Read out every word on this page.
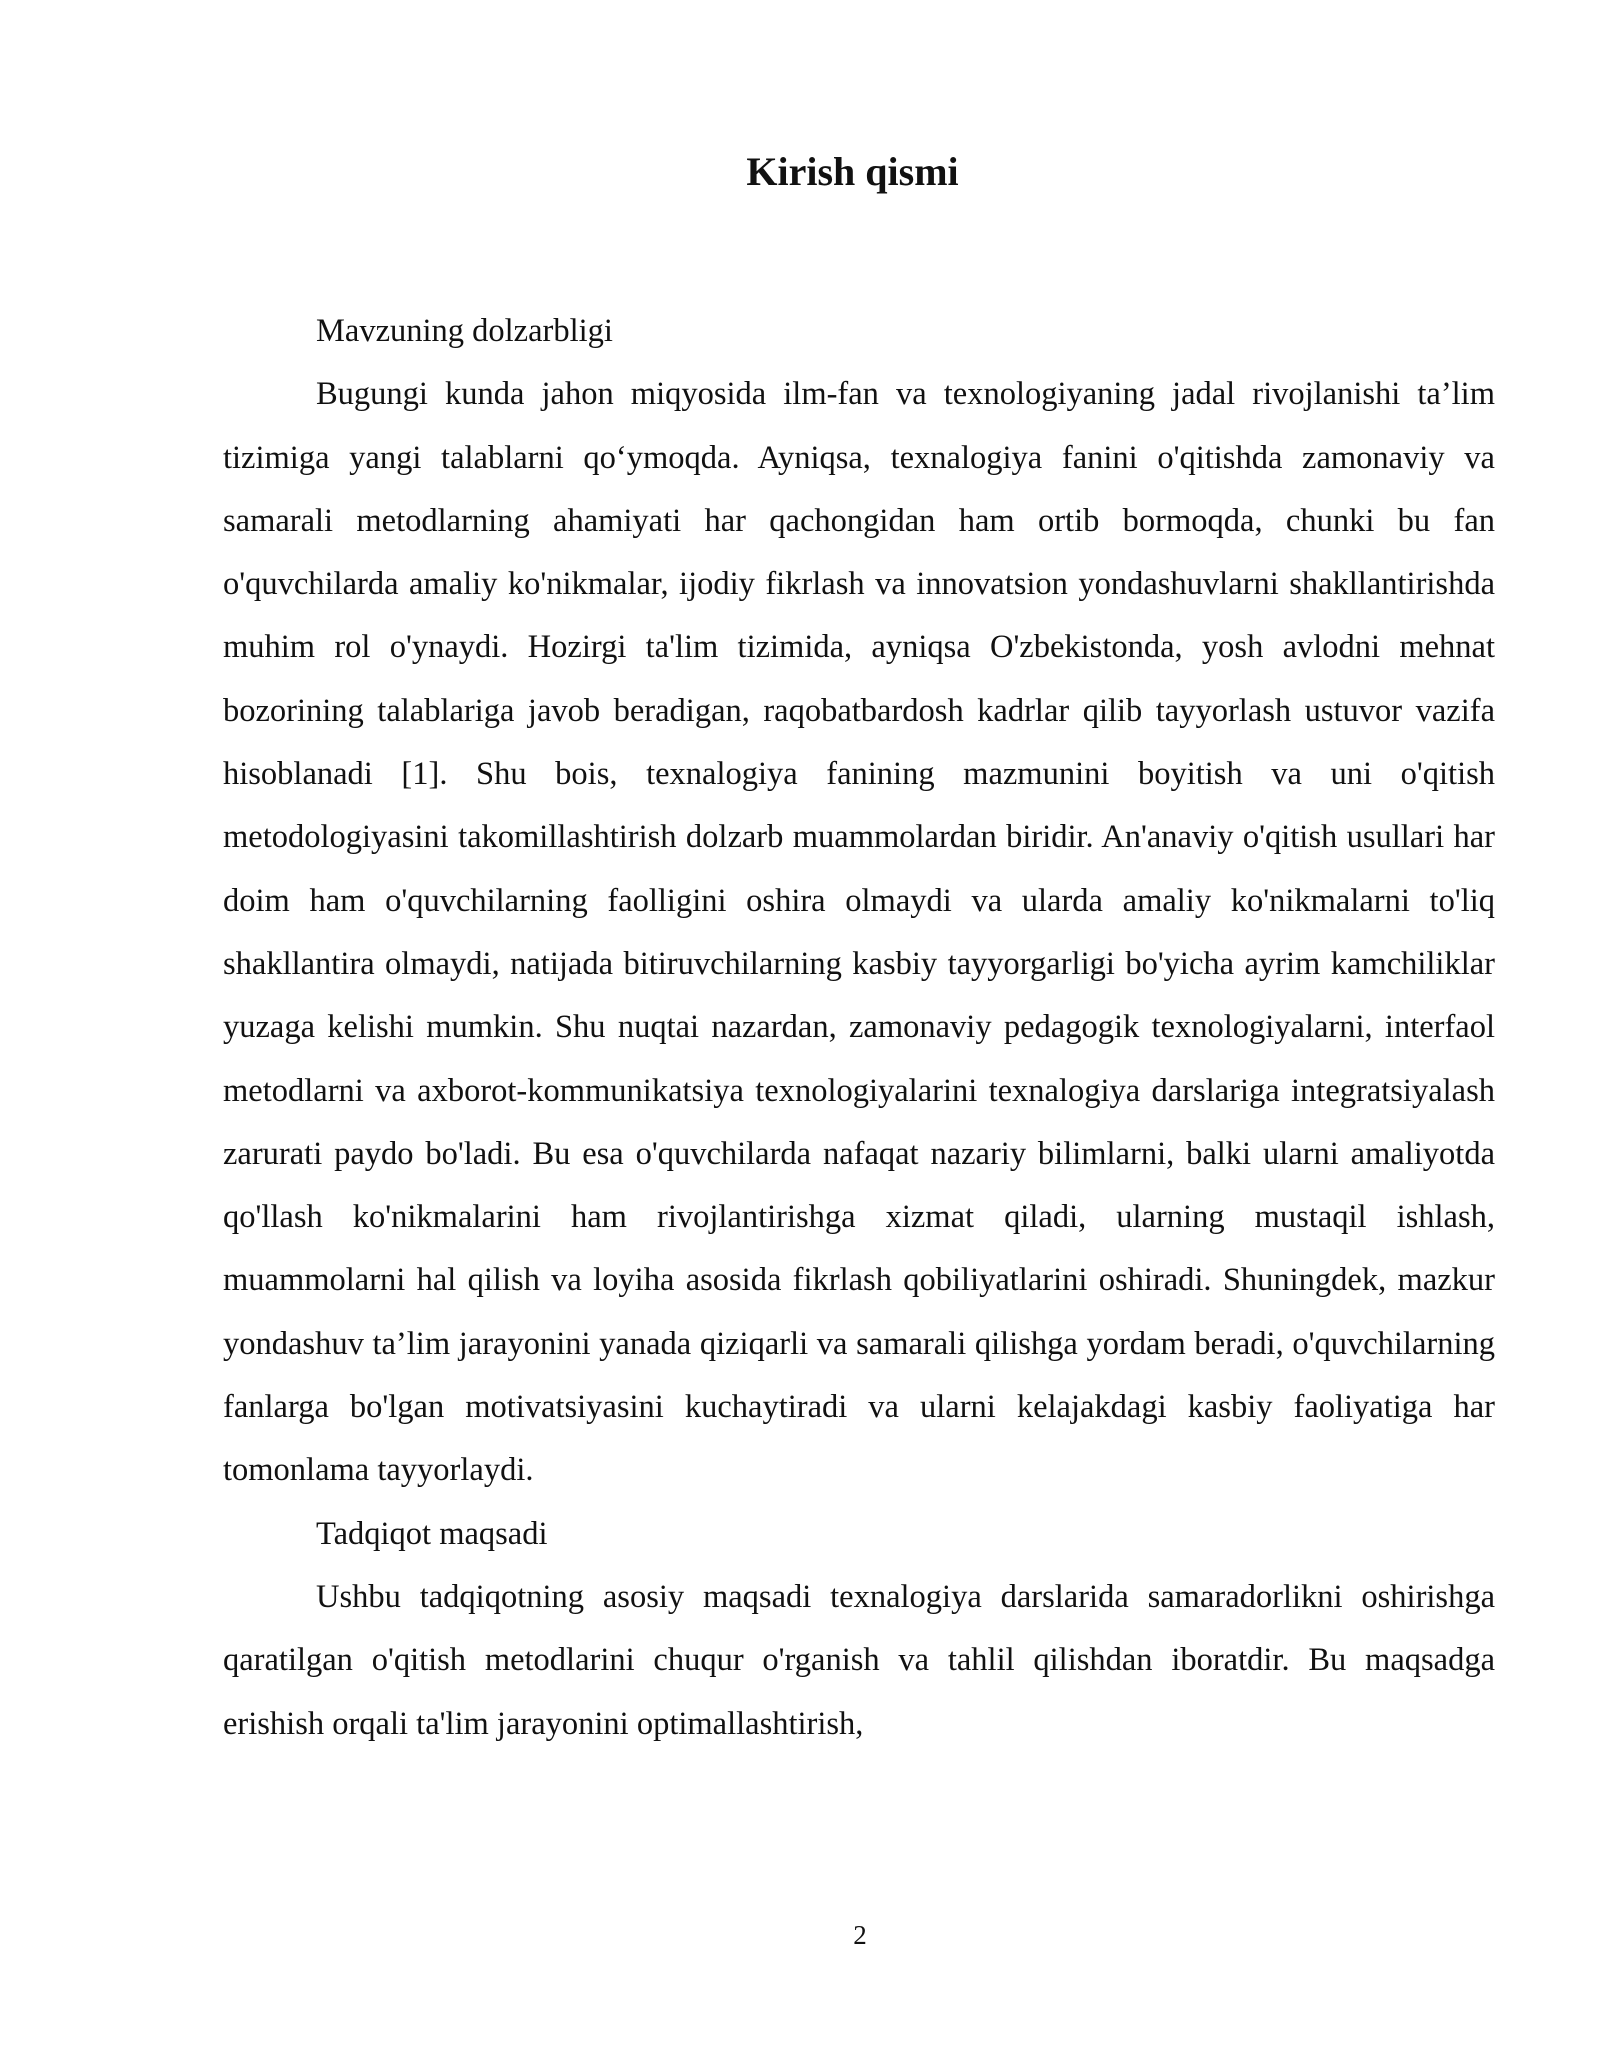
Kirish qismi

Mavzuning dolzarbligi

Bugungi kunda jahon miqyosida ilm-fan va texnologiyaning jadal rivojlanishi ta’lim tizimiga yangi talablarni qo‘ymoqda. Ayniqsa, texnalogiya fanini o'qitishda zamonaviy va samarali metodlarning ahamiyati har qachongidan ham ortib bormoqda, chunki bu fan o'quvchilarda amaliy ko'nikmalar, ijodiy fikrlash va innovatsion yondashuvlarni shakllantirishda muhim rol o'ynaydi. Hozirgi ta'lim tizimida, ayniqsa O'zbekistonda, yosh avlodni mehnat bozorining talablariga javob beradigan, raqobatbardosh kadrlar qilib tayyorlash ustuvor vazifa hisoblanadi [1]. Shu bois, texnalogiya fanining mazmunini boyitish va uni o'qitish metodologiyasini takomillashtirish dolzarb muammolardan biridir. An'anaviy o'qitish usullari har doim ham o'quvchilarning faolligini oshira olmaydi va ularda amaliy ko'nikmalarni to'liq shakllantira olmaydi, natijada bitiruvchilarning kasbiy tayyorgarligi bo'yicha ayrim kamchiliklar yuzaga kelishi mumkin. Shu nuqtai nazardan, zamonaviy pedagogik texnologiyalarni, interfaol metodlarni va axborot-kommunikatsiya texnologiyalarini texnalogiya darslariga integratsiyalash zarurati paydo bo'ladi. Bu esa o'quvchilarda nafaqat nazariy bilimlarni, balki ularni amaliyotda qo'llash ko'nikmalarini ham rivojlantirishga xizmat qiladi, ularning mustaqil ishlash, muammolarni hal qilish va loyiha asosida fikrlash qobiliyatlarini oshiradi. Shuningdek, mazkur yondashuv ta’lim jarayonini yanada qiziqarli va samarali qilishga yordam beradi, o'quvchilarning fanlarga bo'lgan motivatsiyasini kuchaytiradi va ularni kelajakdagi kasbiy faoliyatiga har tomonlama tayyorlaydi.

Tadqiqot maqsadi

Ushbu tadqiqotning asosiy maqsadi texnalogiya darslarida samaradorlikni oshirishga qaratilgan o'qitish metodlarini chuqur o'rganish va tahlil qilishdan iboratdir. Bu maqsadga erishish orqali ta'lim jarayonini optimallashtirish,

2
